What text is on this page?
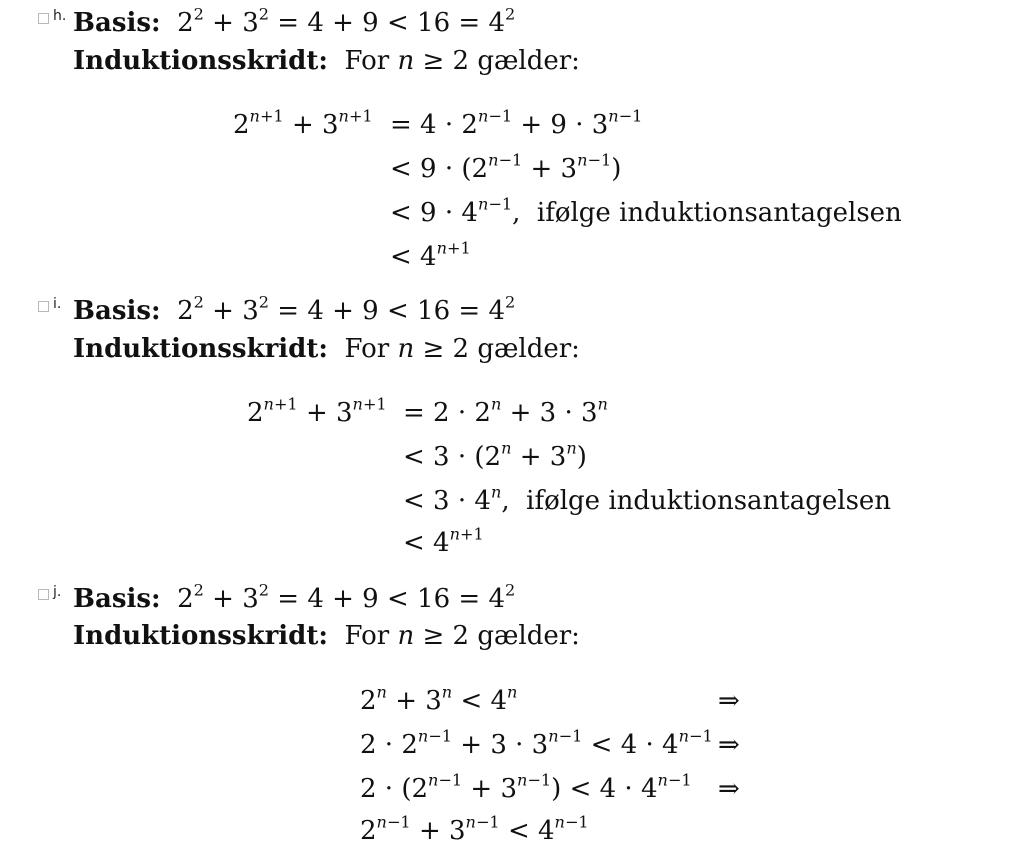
h. Basis: $2^2 + 3^2 = 4 + 9 < 16 = 4^2$
Induktionsskridt: For n ≥ 2 gælder:
$2^{n+1} + 3^{n+1} = 4 \cdot 2^{n-1} + 9 \cdot 3^{n-1}$
< $9 \cdot (2^{n-1} + 3^{n-1})$
< $9 \cdot 4^{n-1}$,  ifølge induktionsantagelsen
< $4^{n+1}$
i. Basis: $2^2 + 3^2 = 4 + 9 < 16 = 4^2$
Induktionsskridt: For n ≥ 2 gælder:
$2^{n+1} + 3^{n+1} = 2 \cdot 2^n + 3 \cdot 3^n$
< $3 \cdot (2^n + 3^n)$
< $3 \cdot 4^n$,  ifølge induktionsantagelsen
< $4^{n+1}$
j. Basis: $2^2 + 3^2 = 4 + 9 < 16 = 4^2$
Induktionsskridt: For n ≥ 2 gælder:
$2^n + 3^n < 4^n$	⇒
$2 \cdot 2^{n-1} + 3 \cdot 3^{n-1} < 4 \cdot 4^{n-1}$ ⇒
$2 \cdot (2^{n-1} + 3^{n-1}) < 4 \cdot 4^{n-1}$ ⇒
$2^{n-1} + 3^{n-1} < 4^{n-1}$
